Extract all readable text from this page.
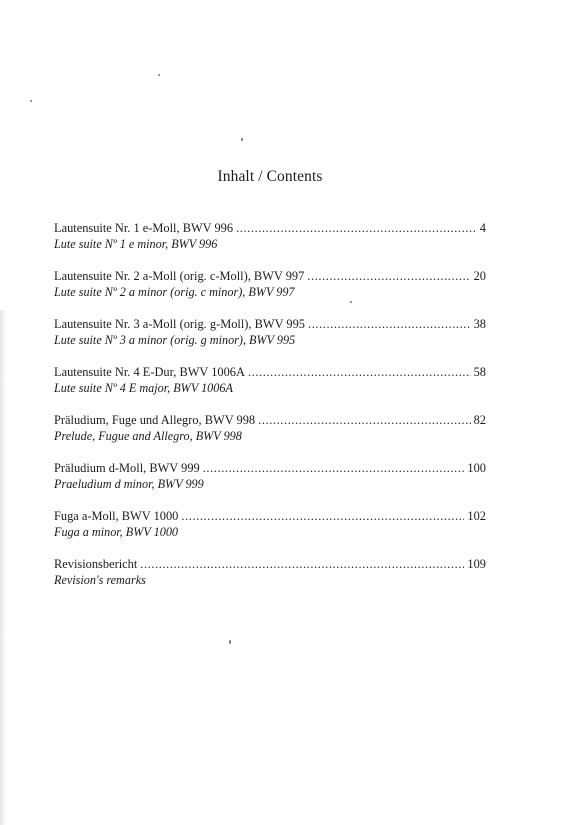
Inhalt / Contents
Lautensuite Nr. 1 e-Moll, BWV 996 .....	4
Lute suite Nº 1 e minor, BWV 996
Lautensuite Nr. 2 a-Moll (orig. c-Moll), BWV 997 .....	20
Lute suite Nº 2 a minor (orig. c minor), BWV 997
Lautensuite Nr. 3 a-Moll (orig. g-Moll), BWV 995 .....	38
Lute suite Nº 3 a minor (orig. g minor), BWV 995
Lautensuite Nr. 4 E-Dur, BWV 1006A .....	58
Lute suite Nº 4 E major, BWV 1006A
Präludium, Fuge und Allegro, BWV 998 .....	82
Prelude, Fugue and Allegro, BWV 998
Präludium d-Moll, BWV 999 .....	100
Praeludium d minor, BWV 999
Fuga a-Moll, BWV 1000 .....	102
Fuga a minor, BWV 1000
Revisionsbericht .....	109
Revision's remarks
